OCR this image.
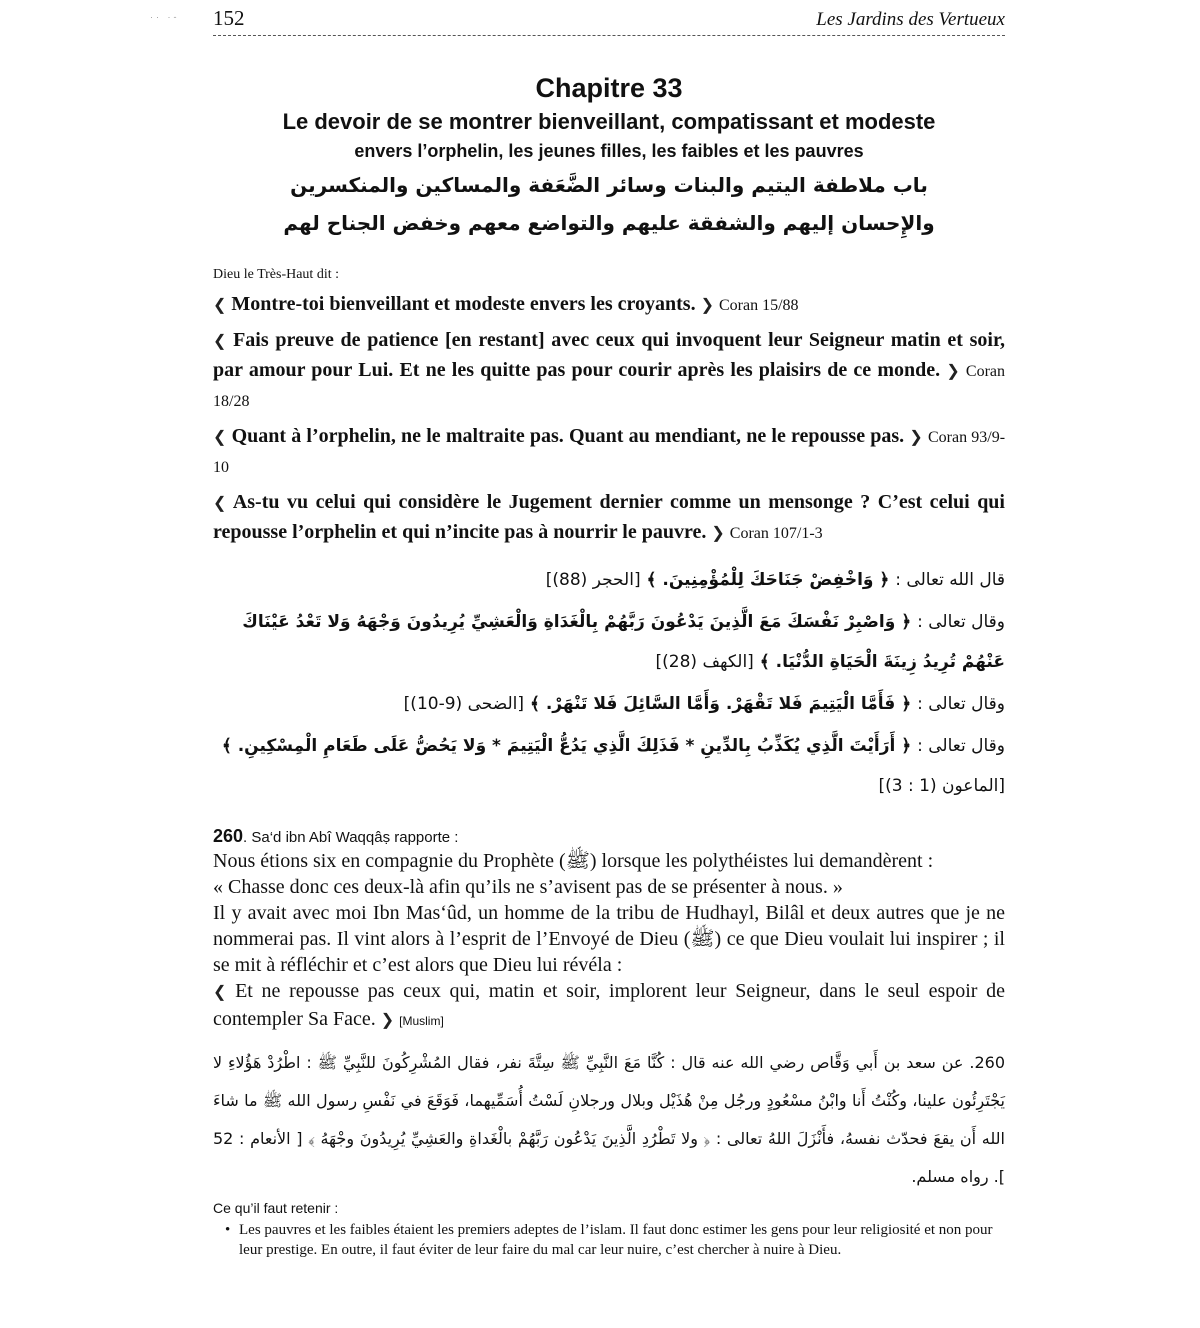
·· ·- 152	Les Jardins des Vertueux
Chapitre 33
Le devoir de se montrer bienveillant, compatissant et modeste
envers l’orphelin, les jeunes filles, les faibles et les pauvres
باب ملاطفة اليتيم والبنات وسائر الضَّعَفة والمساكين والمنكسرين
والإِحسان إليهم والشفقة عليهم والتواضع معهم وخفض الجناح لهم
Dieu le Très-Haut dit :
❮ Montre-toi bienveillant et modeste envers les croyants. ❯ Coran 15/88
❮ Fais preuve de patience [en restant] avec ceux qui invoquent leur Seigneur matin et soir, par amour pour Lui. Et ne les quitte pas pour courir après les plaisirs de ce monde. ❯ Coran 18/28
❮ Quant à l’orphelin, ne le maltraite pas. Quant au mendiant, ne le repousse pas. ❯ Coran 93/9-10
❮ As-tu vu celui qui considère le Jugement dernier comme un mensonge ? C’est celui qui repousse l’orphelin et qui n’incite pas à nourrir le pauvre. ❯ Coran 107/1-3
قال الله تعالى : ﴿ وَاخْفِضْ جَنَاحَكَ لِلْمُؤْمِنِينَ. ﴾ [الحجر (88)]
وقال تعالى : ﴿ وَاصْبِرْ نَفْسَكَ مَعَ الَّذِينَ يَدْعُونَ رَبَّهُمْ بِالْغَدَاةِ وَالْعَشِيِّ يُرِيدُونَ وَجْهَهُ وَلا تَعْدُ عَيْنَاكَ عَنْهُمْ تُرِيدُ زِينَةَ الْحَيَاةِ الدُّنْيَا. ﴾ [الكهف (28)]
وقال تعالى : ﴿ فَأَمَّا الْيَتِيمَ فَلا تَقْهَرْ. وَأَمَّا السَّائِلَ فَلا تَنْهَرْ. ﴾ [الضحى (9-10)]
وقال تعالى : ﴿ أَرَأَيْتَ الَّذِي يُكَذِّبُ بِالدِّينِ * فَذَلِكَ الَّذِي يَدُعُّ الْيَتِيمَ * وَلا يَحُضُّ عَلَى طَعَامِ الْمِسْكِينِ. ﴾ [الماعون (1 : 3)]
260. Sa‘d ibn Abî Waqqâṣ rapporte :

Nous étions six en compagnie du Prophète (ﷺ) lorsque les polythéistes lui demandèrent :

« Chasse donc ces deux-là afin qu’ils ne s’avisent pas de se présenter à nous. »

Il y avait avec moi Ibn Mas‘ûd, un homme de la tribu de Hudhayl, Bilâl et deux autres que je ne nommerai pas. Il vint alors à l’esprit de l’Envoyé de Dieu (ﷺ) ce que Dieu voulait lui inspirer ; il se mit à réfléchir et c’est alors que Dieu lui révéla :

❮ Et ne repousse pas ceux qui, matin et soir, implorent leur Seigneur, dans le seul espoir de contempler Sa Face. ❯ [Muslim]

260. عن سعد بن أَبي وَقَّاص رضي الله عنه قال : كُنَّا مَعَ النَّبِيِّ ﷺ سِتَّةَ نفر، فقال المُشْرِكُونَ للنَّبِيِّ ﷺ : اطْرُدْ هَؤُلاءِ لا يَجْتَرِئُون علينا، وكُنْتُ أَنا وابْنُ مسْعُودٍ ورجُل مِنْ هُذَيْل وبلال ورجلانِ لَسْتُ أُسَمِّيهما، فَوَقَعَ في نَفْسِ رسول الله ﷺ ما شاءَ الله أَن يقعَ فحدّث نفسهُ، فأَنْزَلَ اللهُ تعالى : ﴿ ولا تَطْرُدِ الَّذِينَ يَدْعُون رَبَّهُمْ بالْغَداةِ والعَشِيِّ يُرِيدُونَ وجْهَهُ ﴾ [ الأنعام : 52 ]. رواه مسلم.
Ce qu’il faut retenir :
• Les pauvres et les faibles étaient les premiers adeptes de l’islam. Il faut donc estimer les gens pour leur religiosité et non pour leur prestige. En outre, il faut éviter de leur faire du mal car leur nuire, c’est chercher à nuire à Dieu.
